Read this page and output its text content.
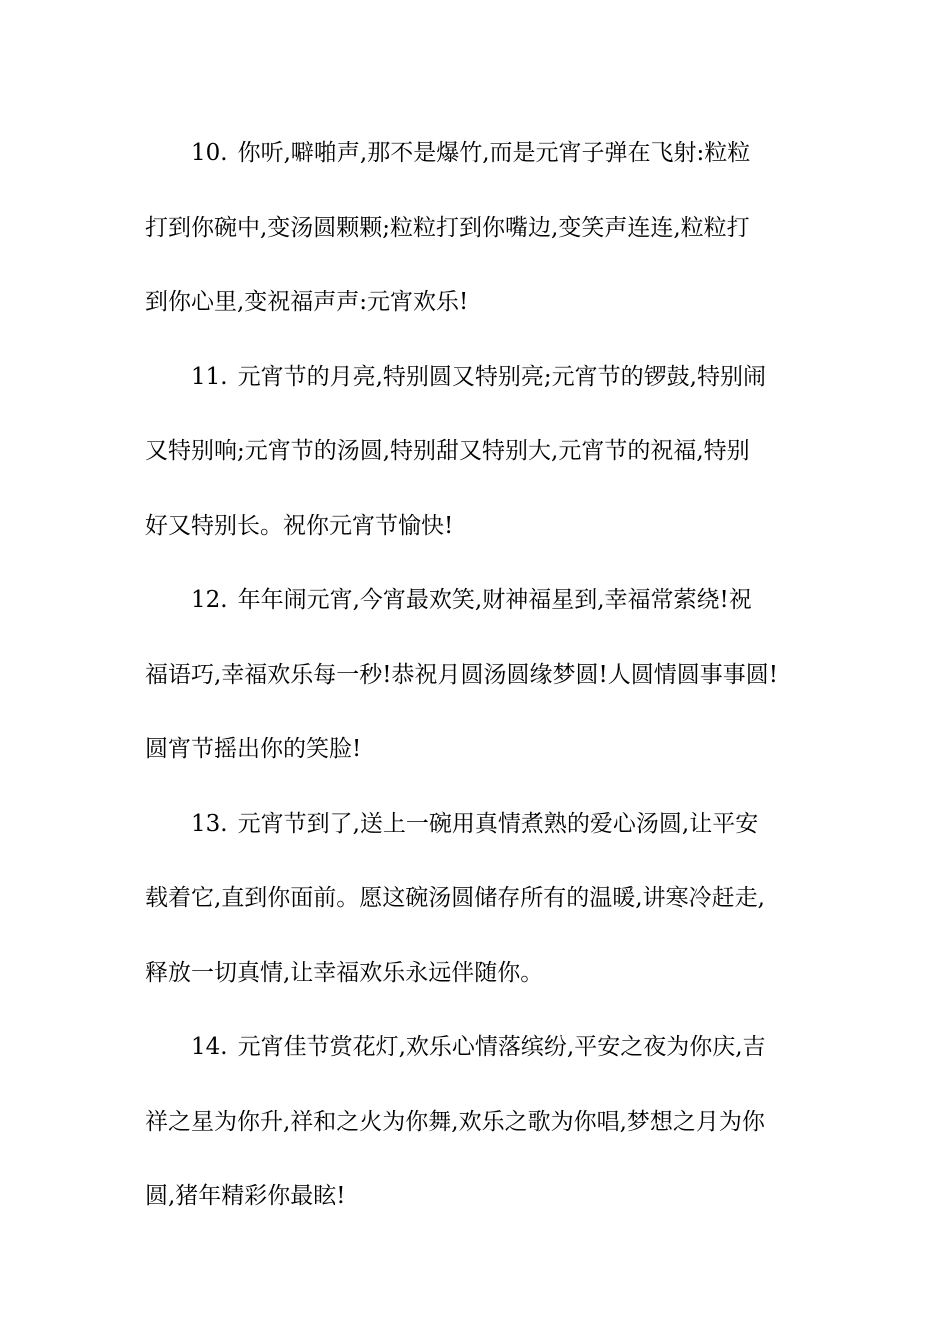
10. 你听,噼啪声,那不是爆竹,而是元宵子弹在飞射:粒粒
打到你碗中,变汤圆颗颗;粒粒打到你嘴边,变笑声连连,粒粒打
到你心里,变祝福声声:元宵欢乐!
11. 元宵节的月亮,特别圆又特别亮;元宵节的锣鼓,特别闹
又特别响;元宵节的汤圆,特别甜又特别大,元宵节的祝福,特别
好又特别长。祝你元宵节愉快!
12. 年年闹元宵,今宵最欢笑,财神福星到,幸福常萦绕!祝
福语巧,幸福欢乐每一秒!恭祝月圆汤圆缘梦圆!人圆情圆事事圆!
圆宵节摇出你的笑脸!
13. 元宵节到了,送上一碗用真情煮熟的爱心汤圆,让平安
载着它,直到你面前。愿这碗汤圆储存所有的温暖,讲寒冷赶走,
释放一切真情,让幸福欢乐永远伴随你。
14. 元宵佳节赏花灯,欢乐心情落缤纷,平安之夜为你庆,吉
祥之星为你升,祥和之火为你舞,欢乐之歌为你唱,梦想之月为你
圆,猪年精彩你最眩!
